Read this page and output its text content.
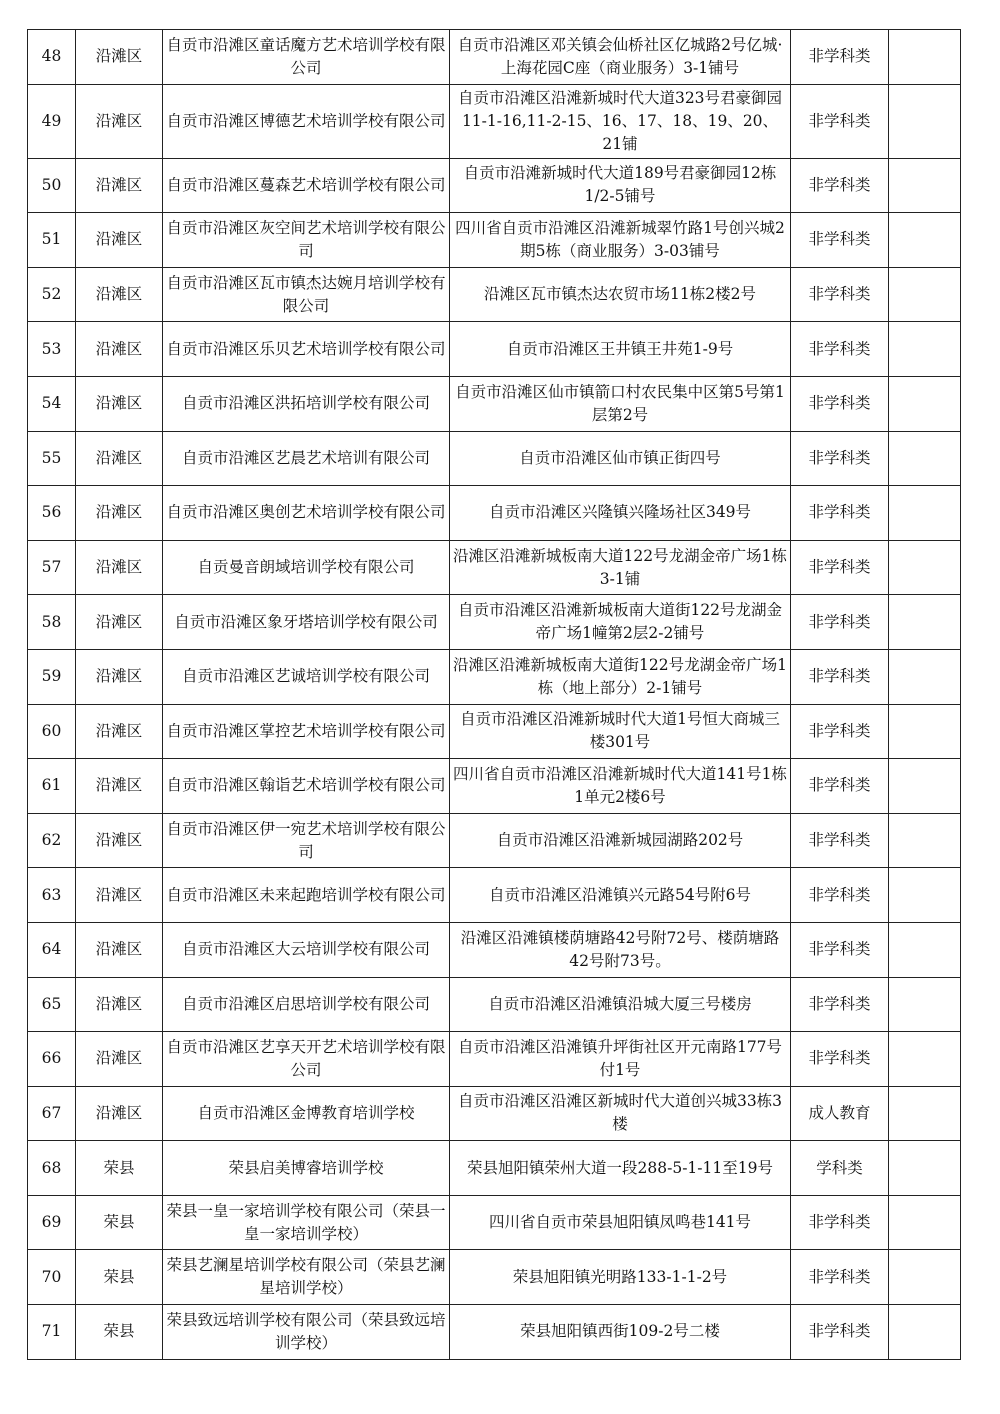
48	沿滩区	自贡市沿滩区童话魔方艺术培训学校有限公司	自贡市沿滩区邓关镇会仙桥社区亿城路2号亿城·上海花园C座（商业服务）3-1铺号	非学科类	
49	沿滩区	自贡市沿滩区博德艺术培训学校有限公司	自贡市沿滩区沿滩新城时代大道323号君豪御园11-1-16,11-2-15、16、17、18、19、20、21铺	非学科类	
50	沿滩区	自贡市沿滩区蔓森艺术培训学校有限公司	自贡市沿滩新城时代大道189号君豪御园12栋1/2-5铺号	非学科类	
51	沿滩区	自贡市沿滩区灰空间艺术培训学校有限公司	四川省自贡市沿滩区沿滩新城翠竹路1号创兴城2期5栋（商业服务）3-03铺号	非学科类	
52	沿滩区	自贡市沿滩区瓦市镇杰达婉月培训学校有限公司	沿滩区瓦市镇杰达农贸市场11栋2楼2号	非学科类	
53	沿滩区	自贡市沿滩区乐贝艺术培训学校有限公司	自贡市沿滩区王井镇王井苑1-9号	非学科类	
54	沿滩区	自贡市沿滩区洪拓培训学校有限公司	自贡市沿滩区仙市镇箭口村农民集中区第5号第1层第2号	非学科类	
55	沿滩区	自贡市沿滩区艺晨艺术培训有限公司	自贡市沿滩区仙市镇正街四号	非学科类	
56	沿滩区	自贡市沿滩区奥创艺术培训学校有限公司	自贡市沿滩区兴隆镇兴隆场社区349号	非学科类	
57	沿滩区	自贡曼音朗域培训学校有限公司	沿滩区沿滩新城板南大道122号龙湖金帝广场1栋3-1铺	非学科类	
58	沿滩区	自贡市沿滩区象牙塔培训学校有限公司	自贡市沿滩区沿滩新城板南大道街122号龙湖金帝广场1幢第2层2-2铺号	非学科类	
59	沿滩区	自贡市沿滩区艺诚培训学校有限公司	沿滩区沿滩新城板南大道街122号龙湖金帝广场1栋（地上部分）2-1铺号	非学科类	
60	沿滩区	自贡市沿滩区掌控艺术培训学校有限公司	自贡市沿滩区沿滩新城时代大道1号恒大商城三楼301号	非学科类	
61	沿滩区	自贡市沿滩区翰诣艺术培训学校有限公司	四川省自贡市沿滩区沿滩新城时代大道141号1栋1单元2楼6号	非学科类	
62	沿滩区	自贡市沿滩区伊一宛艺术培训学校有限公司	自贡市沿滩区沿滩新城园湖路202号	非学科类	
63	沿滩区	自贡市沿滩区未来起跑培训学校有限公司	自贡市沿滩区沿滩镇兴元路54号附6号	非学科类	
64	沿滩区	自贡市沿滩区大云培训学校有限公司	沿滩区沿滩镇楼荫塘路42号附72号、楼荫塘路42号附73号。	非学科类	
65	沿滩区	自贡市沿滩区启思培训学校有限公司	自贡市沿滩区沿滩镇沿城大厦三号楼房	非学科类	
66	沿滩区	自贡市沿滩区艺享天开艺术培训学校有限公司	自贡市沿滩区沿滩镇升坪街社区开元南路177号付1号	非学科类	
67	沿滩区	自贡市沿滩区金博教育培训学校	自贡市沿滩区沿滩区新城时代大道创兴城33栋3楼	成人教育	
68	荣县	荣县启美博睿培训学校	荣县旭阳镇荣州大道一段288-5-1-11至19号	学科类	
69	荣县	荣县一皇一家培训学校有限公司（荣县一皇一家培训学校）	四川省自贡市荣县旭阳镇凤鸣巷141号	非学科类	
70	荣县	荣县艺澜星培训学校有限公司（荣县艺澜星培训学校）	荣县旭阳镇光明路133-1-1-2号	非学科类	
71	荣县	荣县致远培训学校有限公司（荣县致远培训学校）	荣县旭阳镇西街109-2号二楼	非学科类	
